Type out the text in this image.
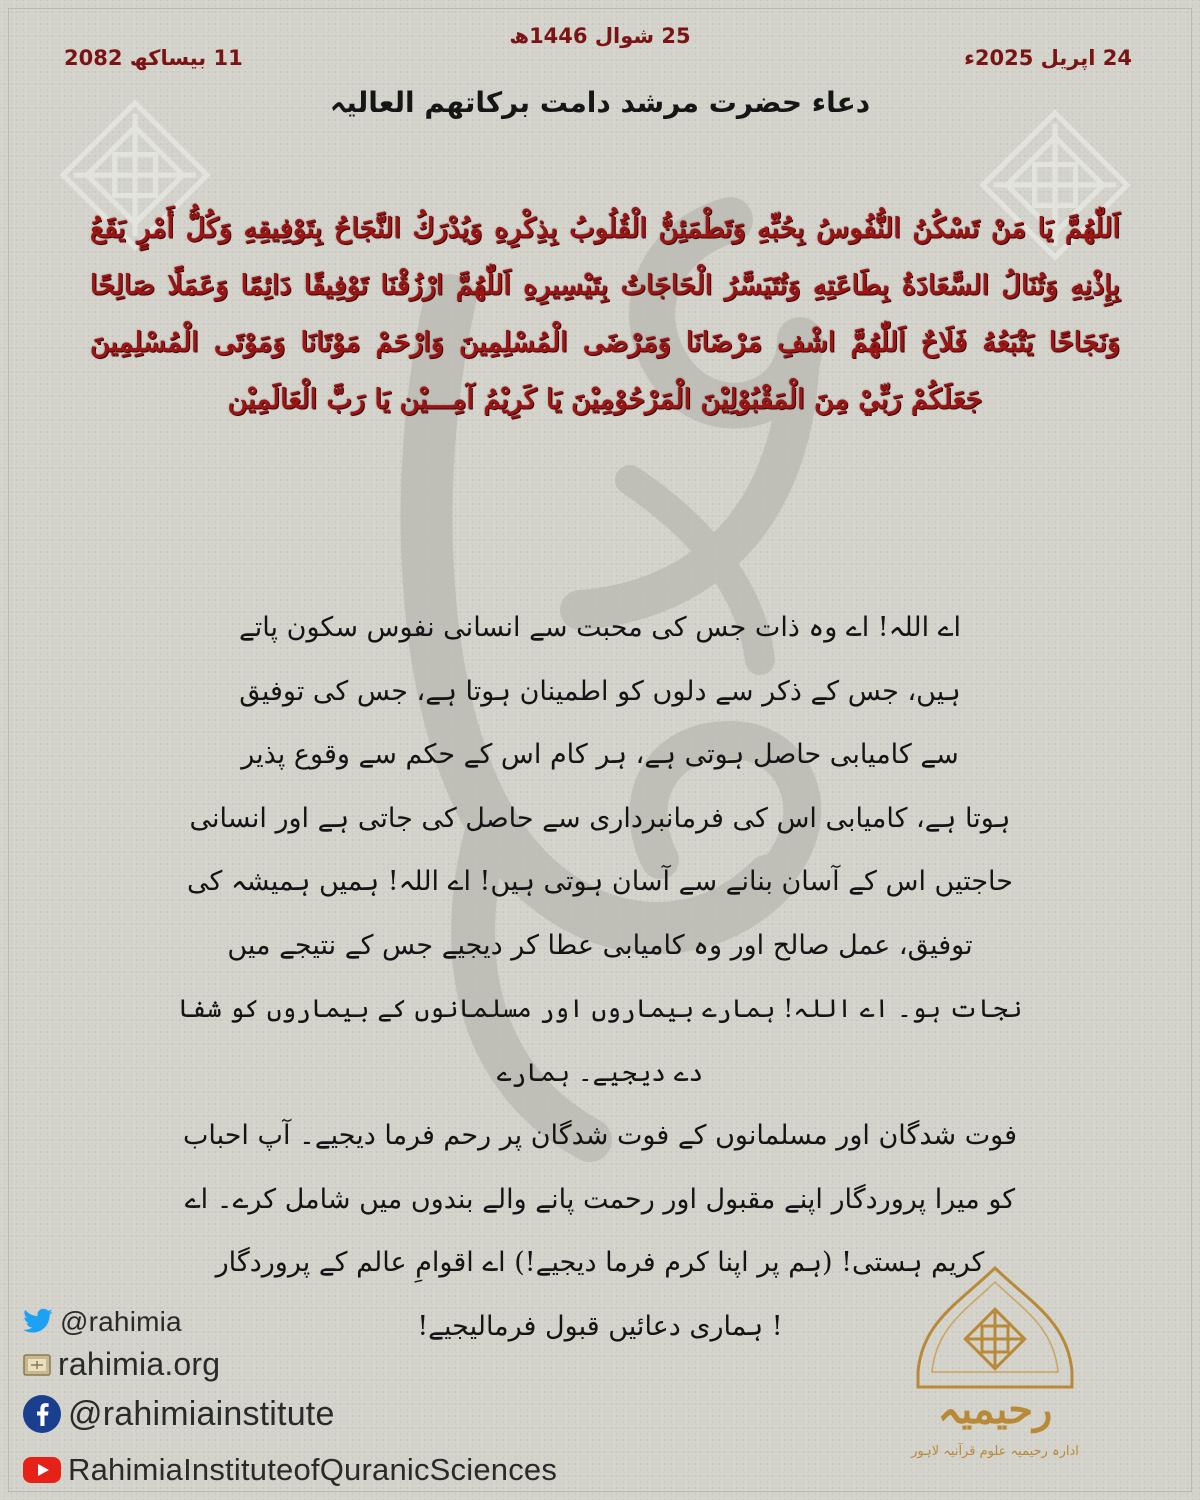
11 بیساکھ 2082
25 شوال 1446ھ
24 اپریل 2025ء
دعاء حضرت مرشد دامت برکاتھم العالیہ
اَللّٰهُمَّ يَا مَنْ تَسْكُنُ النُّفُوسُ بِحُبِّهِ وَتَطْمَئِنُّ الْقُلُوبُ بِذِكْرِهِ وَيُدْرَكُ النَّجَاحُ بِتَوْفِيقِهِ وَكُلُّ أَمْرٍ يَقَعُ بِإِذْنِهِ وَتُنَالُ السَّعَادَةُ بِطَاعَتِهِ وَتُتَيَسَّرُ الْحَاجَاتُ بِتَيْسِيرِهِ اَللّٰهُمَّ ارْزُقْنَا تَوْفِيقًا دَائِمًا وَعَمَلًا صَالِحًا وَنَجَاحًا يَتْبَعُهُ فَلَاحٌ اَللّٰهُمَّ اشْفِ مَرْضَانَا وَمَرْضَى الْمُسْلِمِينَ وَارْحَمْ مَوْتَانَا وَمَوْتَى الْمُسْلِمِينَ جَعَلَكُمْ رَبِّيْ مِنَ الْمَقْبُوْلِيْنَ الْمَرْحُوْمِيْنَ يَا كَرِيْمُ آمِـــيْن يَا رَبَّ الْعَالَمِيْن
اے اللہ! اے وہ ذات جس کی محبت سے انسانی نفوس سکون پاتے
ہیں، جس کے ذکر سے دلوں کو اطمینان ہوتا ہے، جس کی توفیق
سے کامیابی حاصل ہوتی ہے، ہر کام اس کے حکم سے وقوع پذیر
ہوتا ہے، کامیابی اس کی فرمانبرداری سے حاصل کی جاتی ہے اور انسانی
حاجتیں اس کے آسان بنانے سے آسان ہوتی ہیں! اے اللہ! ہمیں ہمیشہ کی
توفیق، عمل صالح اور وہ کامیابی عطا کر دیجیے جس کے نتیجے میں
نجات ہو۔ اے اللہ! ہمارے بیماروں اور مسلمانوں کے بیماروں کو شفا دے دیجیے۔ ہمارے
فوت شدگان اور مسلمانوں کے فوت شدگان پر رحم فرما دیجیے۔ آپ احباب
کو میرا پروردگار اپنے مقبول اور رحمت پانے والے بندوں میں شامل کرے۔ اے
کریم ہستی! (ہم پر اپنا کرم فرما دیجیے!) اے اقوامِ عالم کے پروردگار
! ہماری دعائیں قبول فرمالیجیے!
@rahimia
rahimia.org
@rahimiainstitute
RahimiaInstituteofQuranicSciences
رحیمیہ
ادارہ رحیمیہ علوم قرآنیہ لاہور
